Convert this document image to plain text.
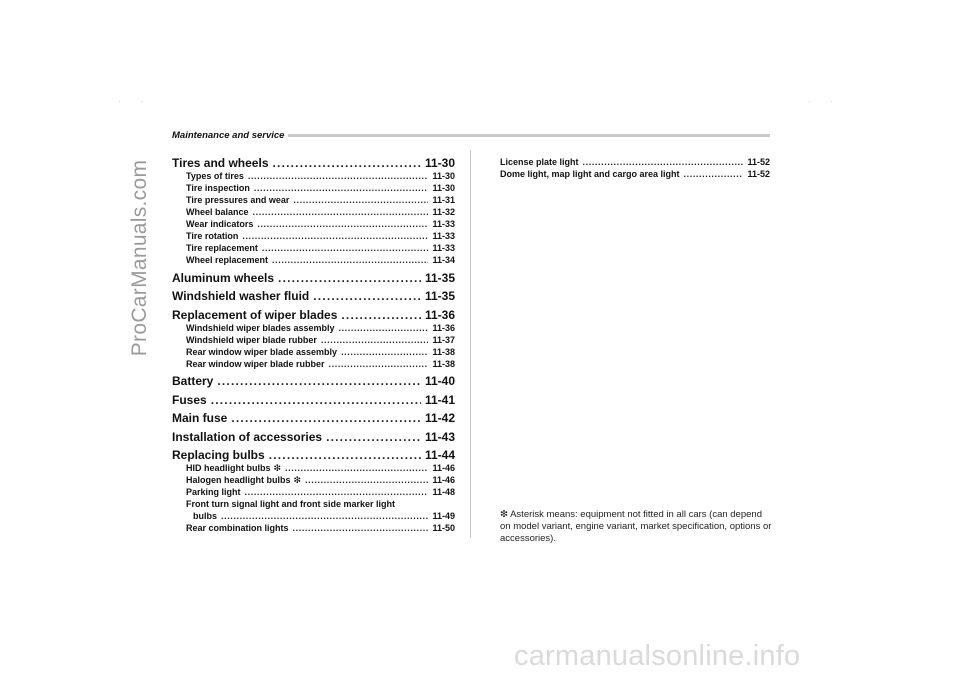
· ·	· ·
ProCarManuals.com
Maintenance and service
Tires and wheels .....	11-30
Types of tires .....	11-30
Tire inspection .....	11-30
Tire pressures and wear .....	11-31
Wheel balance .....	11-32
Wear indicators .....	11-33
Tire rotation .....	11-33
Tire replacement .....	11-33
Wheel replacement .....	11-34
Aluminum wheels .....	11-35
Windshield washer fluid .....	11-35
Replacement of wiper blades .....	11-36
Windshield wiper blades assembly .....	11-36
Windshield wiper blade rubber .....	11-37
Rear window wiper blade assembly .....	11-38
Rear window wiper blade rubber .....	11-38
Battery .....	11-40
Fuses .....	11-41
Main fuse .....	11-42
Installation of accessories .....	11-43
Replacing bulbs .....	11-44
HID headlight bulbs ❇ .....	11-46
Halogen headlight bulbs ❇ .....	11-46
Parking light .....	11-48
Front turn signal light and front side marker light
bulbs .....	11-49
Rear combination lights .....	11-50
License plate light .....	11-52
Dome light, map light and cargo area light .....	11-52
❇ Asterisk means: equipment not fitted in all cars (can depend on model variant, engine variant, market specification, options or accessories).
carmanualsonline.info
